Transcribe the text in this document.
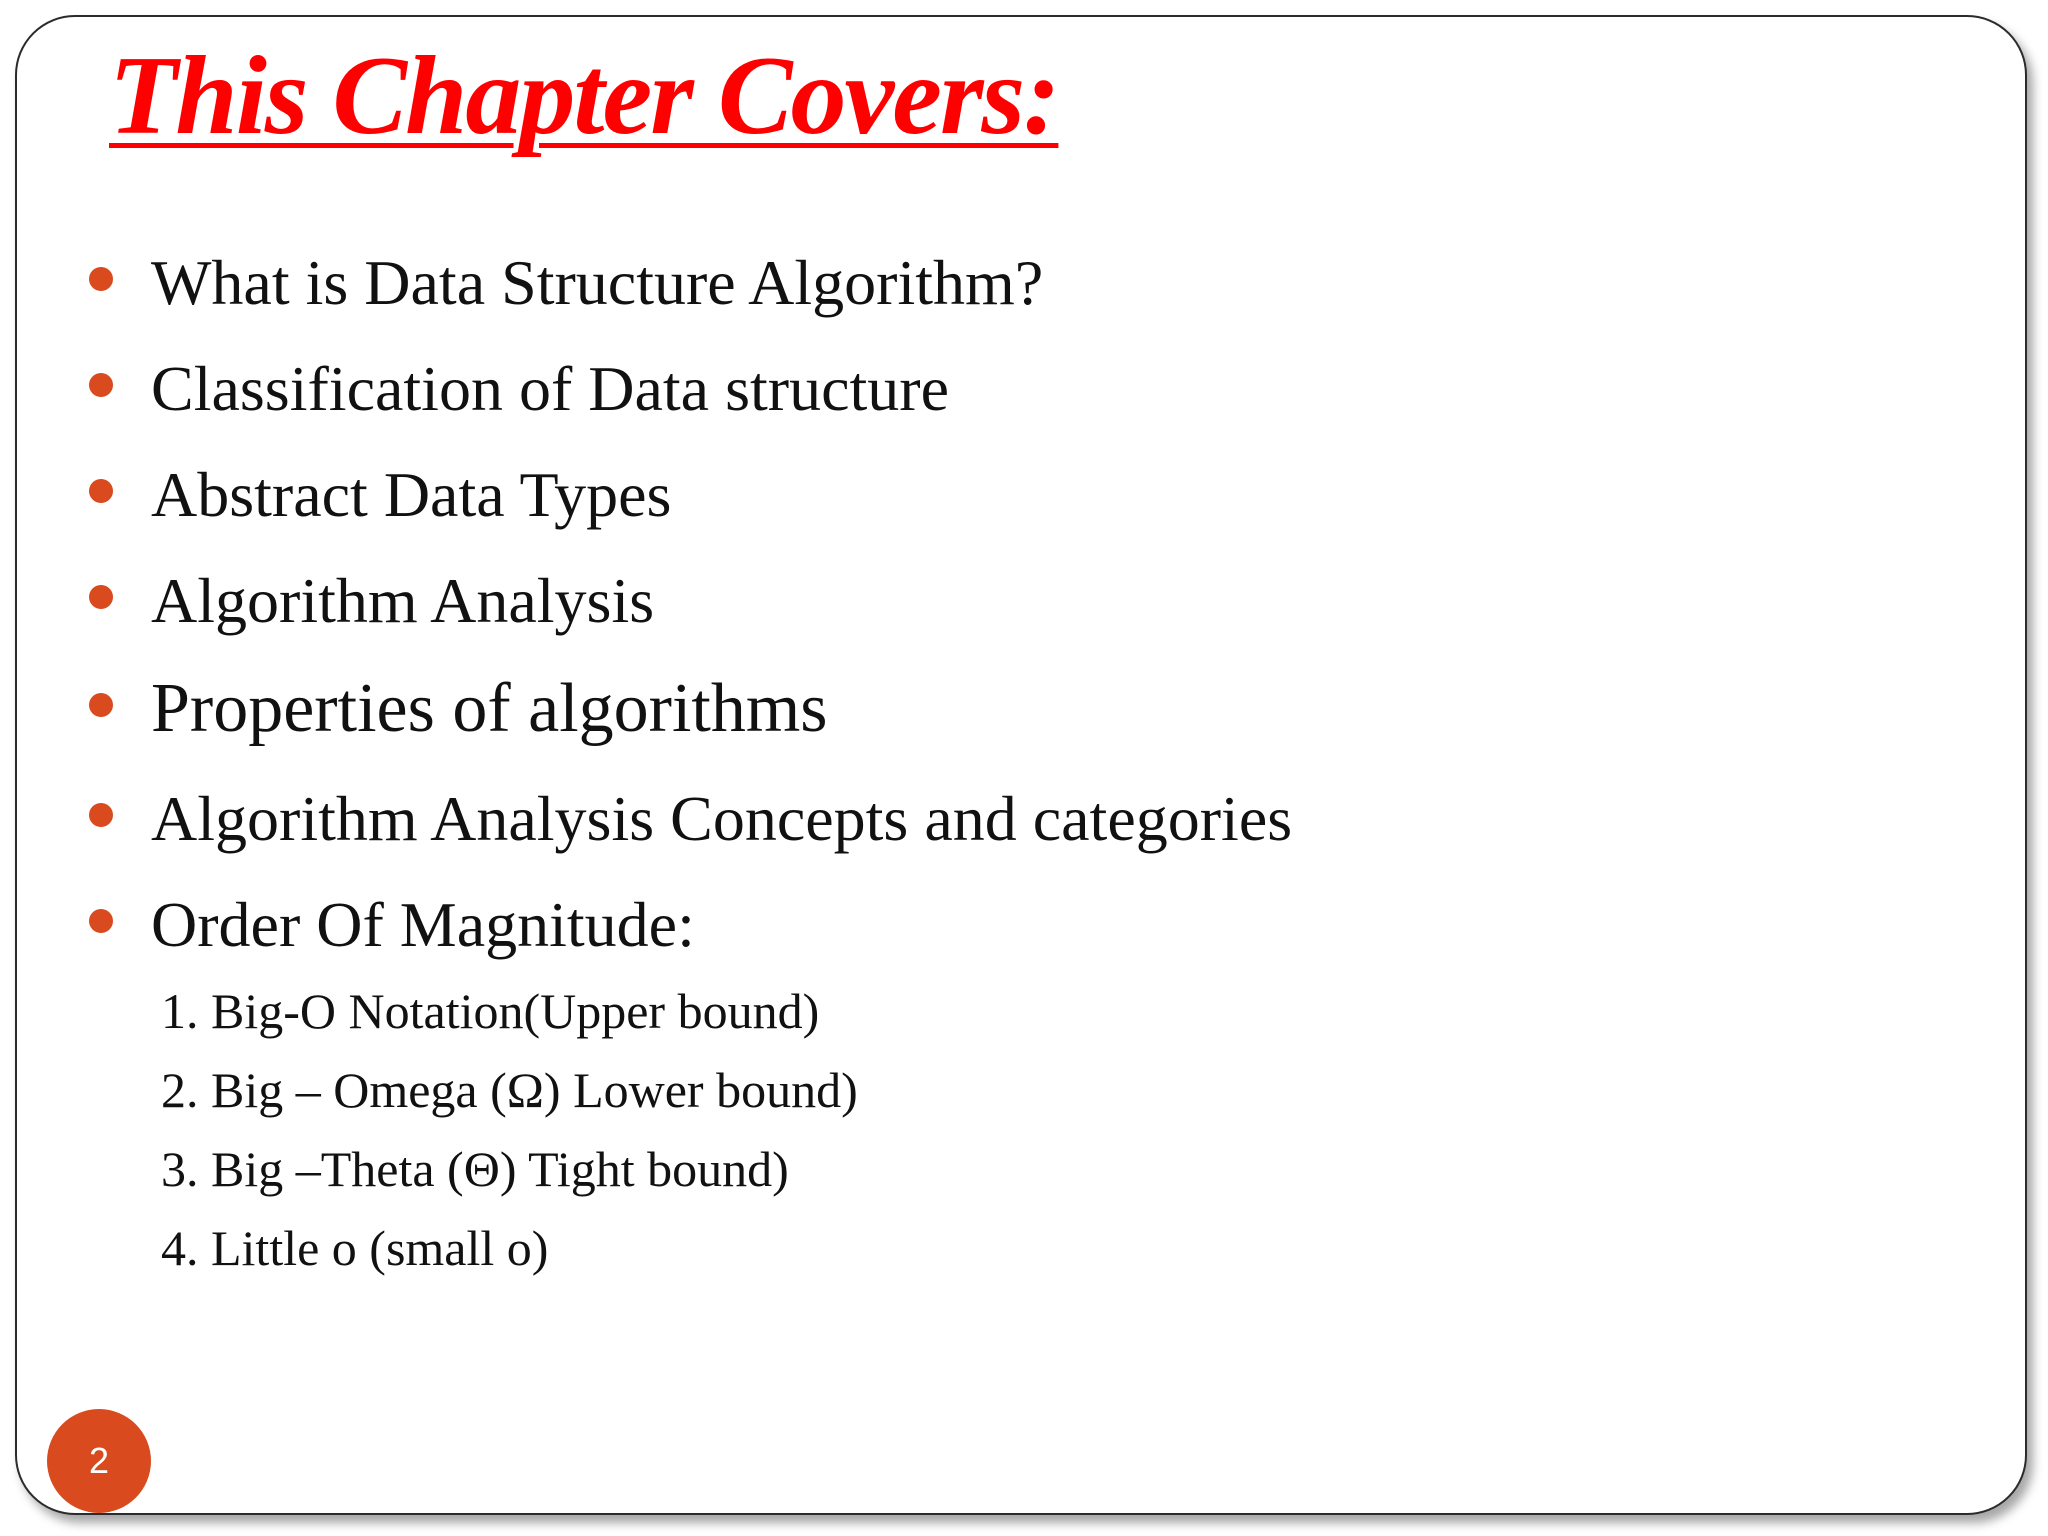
This Chapter Covers:
What is Data Structure Algorithm?
Classification of Data structure
Abstract Data Types
Algorithm Analysis
Properties of algorithms
Algorithm Analysis Concepts and categories
Order Of Magnitude:
1. Big-O Notation(Upper bound)
2. Big – Omega (Ω) Lower bound)
3. Big –Theta (Θ) Tight bound)
4. Little o (small o)
2
